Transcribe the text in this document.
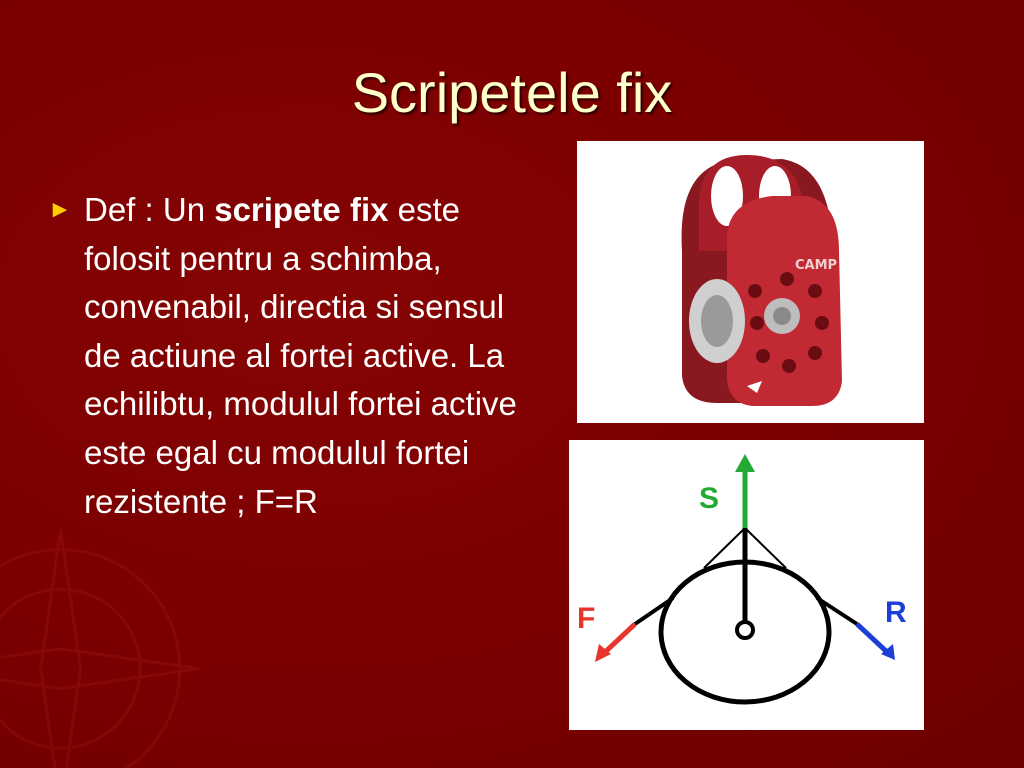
Scripetele fix
► Def : Un scripete fix este folosit pentru a schimba, convenabil, directia si sensul de actiune al fortei active. La echilibtu, modulul fortei active este egal cu modulul fortei rezistente ; F=R
CAMP
S
F	R
